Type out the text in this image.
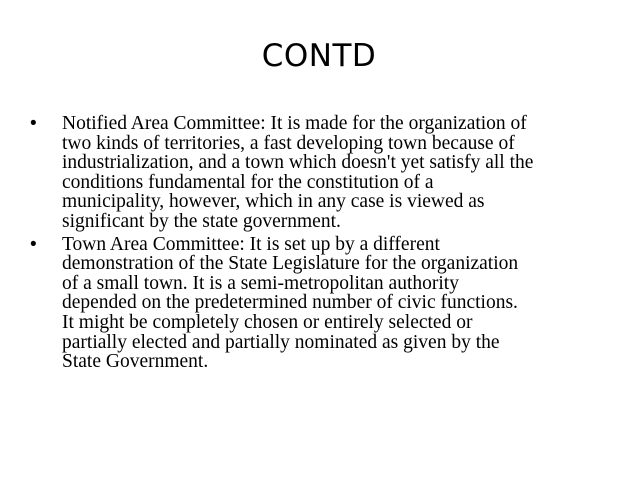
CONTD
• Notified Area Committee: It is made for the organization of
two kinds of territories, a fast developing town because of
industrialization, and a town which doesn't yet satisfy all the
conditions fundamental for the constitution of a
municipality, however, which in any case is viewed as
significant by the state government.
• Town Area Committee: It is set up by a different
demonstration of the State Legislature for the organization
of a small town. It is a semi-metropolitan authority
depended on the predetermined number of civic functions.
It might be completely chosen or entirely selected or
partially elected and partially nominated as given by the
State Government.
